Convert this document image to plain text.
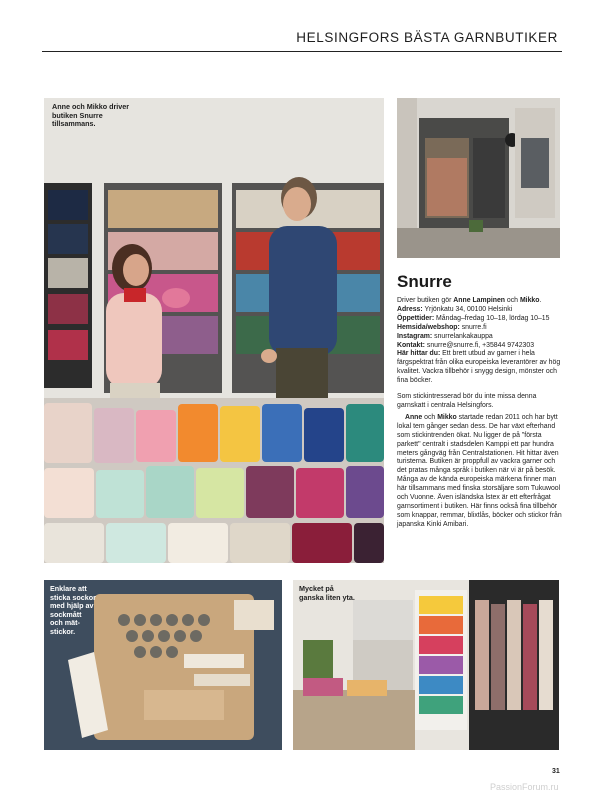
HELSINGFORS BÄSTA GARNBUTIKER
Anne och Mikko driver butiken Snurre tillsammans.
Snurre

Driver butiken gör Anne Lampinen och Mikko.

Adress: Yrjönkatu 34, 00100 Helsinki

Öppettider: Måndag–fredag 10–18, lördag 10–15

Hemsida/webshop: snurre.fi

Instagram: snurrelankakauppa

Kontakt: snurre@snurre.fi, +35844 9742303

Här hittar du: Ett brett utbud av garner i hela färgspektrat från olika europeiska leverantörer av hög kvalitet. Vackra tillbehör i snygg design, mönster och fina böcker.

Som stickintresserad bör du inte missa denna garnskatt i centrala Helsingfors.

Anne och Mikko startade redan 2011 och har bytt lokal tem gånger sedan dess. De har växt efterhand som stickintrenden ökat. Nu ligger de på "första parkett" centralt i stadsdelen Kamppi ett par hundra meters gångväg från Centralstationen. Hit hittar även turisterna. Butiken är proppfull av vackra garner och det pratas många språk i butiken när vi är på besök. Många av de kända europeiska märkena finner man här tillsammans med finska storsäljare som Tukuwool och Vuonne. Även isländska lstex är ett efterfrågat garnsortiment i butiken. Här finns också fina tillbehör som knappar, remmar, blixtlås, böcker och stickor från japanska Kinki Amibari.

Enklare att sticka sockor med hjälp av sockmått och mät-stickor.
Mycket på ganska liten yta.
31
PassionForum.ru
